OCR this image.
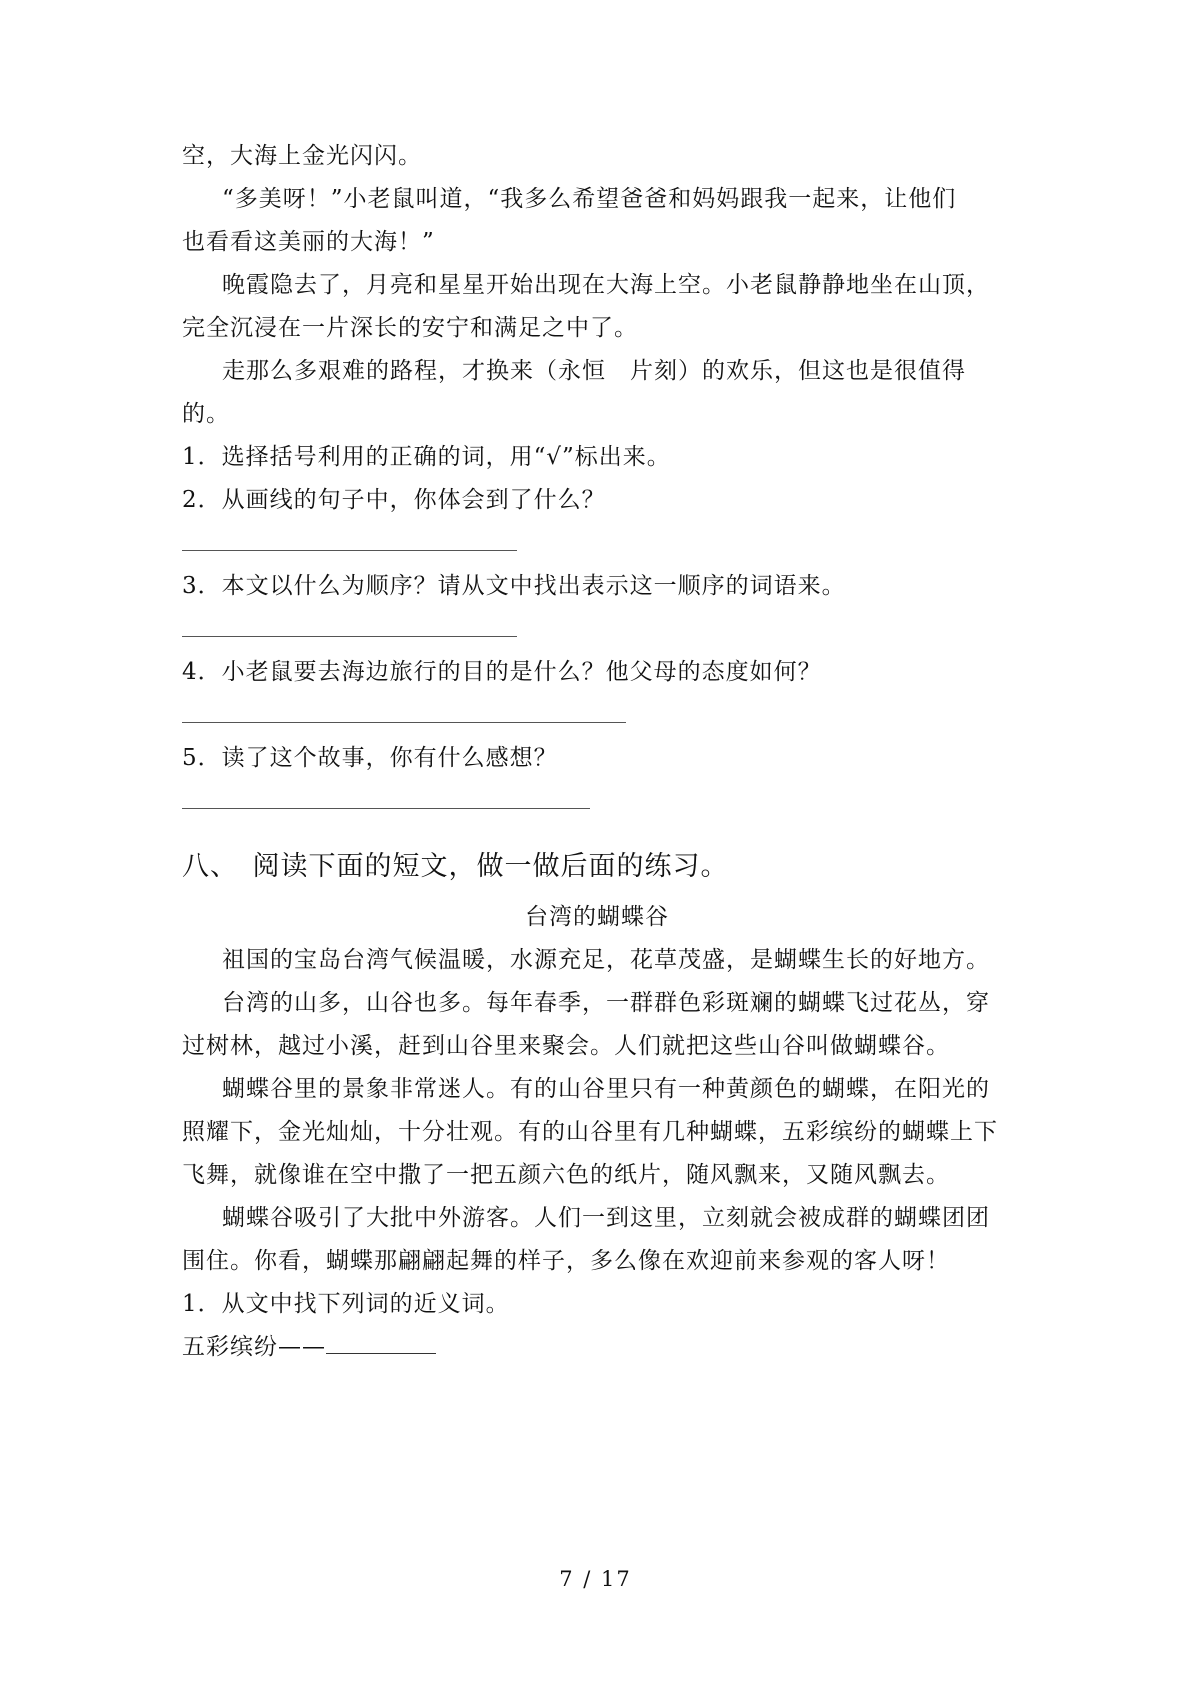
空，大海上金光闪闪。
“多美呀！”小老鼠叫道，“我多么希望爸爸和妈妈跟我一起来，让他们
也看看这美丽的大海！”
晚霞隐去了，月亮和星星开始出现在大海上空。小老鼠静静地坐在山顶，
完全沉浸在一片深长的安宁和满足之中了。
走那么多艰难的路程，才换来（永恒　片刻）的欢乐，但这也是很值得
的。
1．选择括号利用的正确的词，用“√”标出来。
2．从画线的句子中，你体会到了什么？
3．本文以什么为顺序？请从文中找出表示这一顺序的词语来。
4．小老鼠要去海边旅行的目的是什么？他父母的态度如何？
5．读了这个故事，你有什么感想？
八、　阅读下面的短文，做一做后面的练习。
台湾的蝴蝶谷
祖国的宝岛台湾气候温暖，水源充足，花草茂盛，是蝴蝶生长的好地方。
台湾的山多，山谷也多。每年春季，一群群色彩斑斓的蝴蝶飞过花丛，穿
过树林，越过小溪，赶到山谷里来聚会。人们就把这些山谷叫做蝴蝶谷。
蝴蝶谷里的景象非常迷人。有的山谷里只有一种黄颜色的蝴蝶，在阳光的
照耀下，金光灿灿，十分壮观。有的山谷里有几种蝴蝶，五彩缤纷的蝴蝶上下
飞舞，就像谁在空中撒了一把五颜六色的纸片，随风飘来，又随风飘去。
蝴蝶谷吸引了大批中外游客。人们一到这里，立刻就会被成群的蝴蝶团团
围住。你看，蝴蝶那翩翩起舞的样子，多么像在欢迎前来参观的客人呀！
1．从文中找下列词的近义词。
五彩缤纷——
7 / 17
